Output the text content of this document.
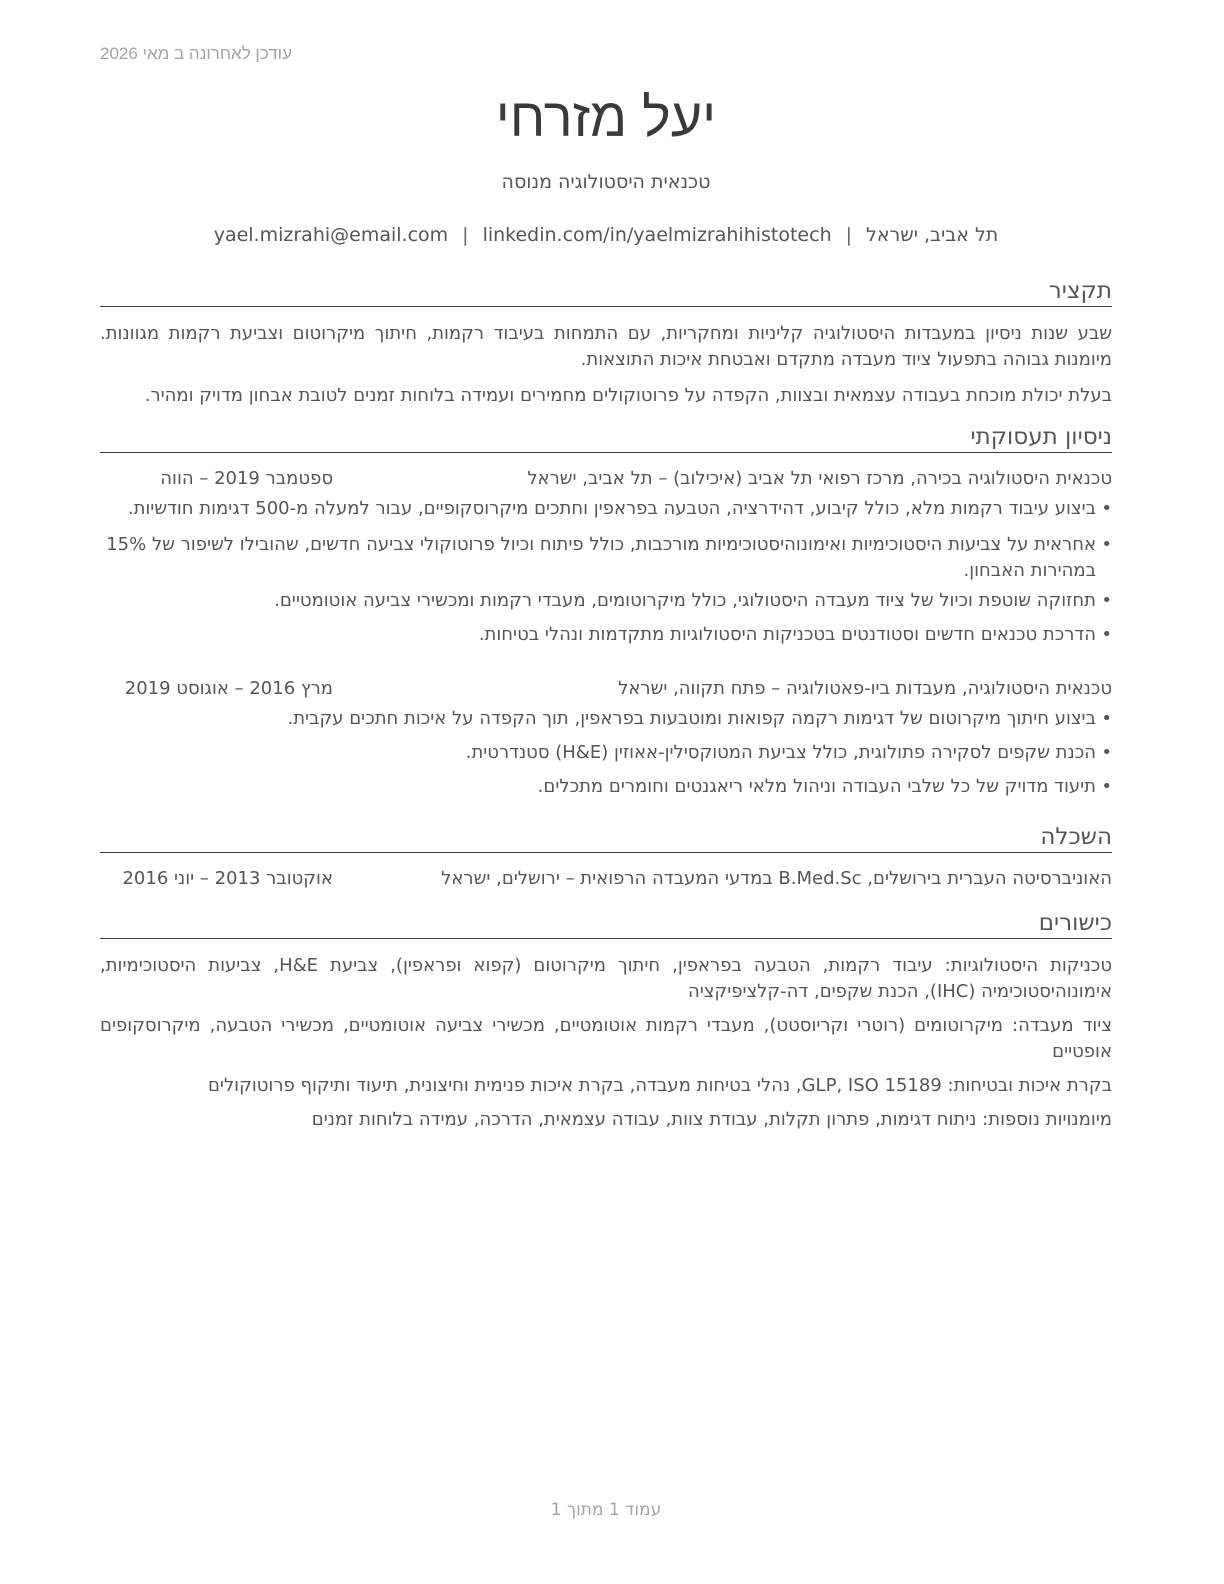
עודכן לאחרונה ב מאי 2026
יעל מזרחי
טכנאית היסטולוגיה מנוסה
תל אביב, ישראל|yael.mizrahi@email.com | linkedin.com/in/yaelmizrahihistotech
תקציר

שבע שנות ניסיון במעבדות היסטולוגיה קליניות ומחקריות, עם התמחות בעיבוד רקמות, חיתוך מיקרוטום וצביעת רקמות מגוונות. מיומנות גבוהה בתפעול ציוד מעבדה מתקדם ואבטחת איכות התוצאות.

בעלת יכולת מוכחת בעבודה עצמאית ובצוות, הקפדה על פרוטוקולים מחמירים ועמידה בלוחות זמנים לטובת אבחון מדויק ומהיר.

ניסיון תעסוקתי
טכנאית היסטולוגיה בכירה, מרכז רפואי תל אביב (איכילוב) – תל אביב, ישראל
ספטמבר 2019 – הווה
• ביצוע עיבוד רקמות מלא, כולל קיבוע, דהידרציה, הטבעה בפראפין וחתכים מיקרוסקופיים, עבור למעלה מ-500 דגימות חודשיות.
• אחראית על צביעות היסטוכימיות ואימונוהיסטוכימיות מורכבות, כולל פיתוח וכיול פרוטוקולי צביעה חדשים, שהובילו לשיפור של 15% במהירות האבחון.
• תחזוקה שוטפת וכיול של ציוד מעבדה היסטולוגי, כולל מיקרוטומים, מעבדי רקמות ומכשירי צביעה אוטומטיים.
• הדרכת טכנאים חדשים וסטודנטים בטכניקות היסטולוגיות מתקדמות ונהלי בטיחות.
טכנאית היסטולוגיה, מעבדות ביו-פאטולוגיה – פתח תקווה, ישראל
מרץ 2016 – אוגוסט 2019
• ביצוע חיתוך מיקרוטום של דגימות רקמה קפואות ומוטבעות בפראפין, תוך הקפדה על איכות חתכים עקבית.
• הכנת שקפים לסקירה פתולוגית, כולל צביעת המטוקסילין-אאוזין (H&E) סטנדרטית.
• תיעוד מדויק של כל שלבי העבודה וניהול מלאי ריאגנטים וחומרים מתכלים.
השכלה
האוניברסיטה העברית בירושלים, B.Med.Sc במדעי המעבדה הרפואית – ירושלים, ישראל
אוקטובר 2013 – יוני 2016
כישורים
טכניקות היסטולוגיות: עיבוד רקמות, הטבעה בפראפין, חיתוך מיקרוטום (קפוא ופראפין), צביעת H&E, צביעות היסטוכימיות, אימונוהיסטוכימיה (IHC), הכנת שקפים, דה-קלציפיקציה
ציוד מעבדה: מיקרוטומים (רוטרי וקריוסטט), מעבדי רקמות אוטומטיים, מכשירי צביעה אוטומטיים, מכשירי הטבעה, מיקרוסקופים אופטיים
בקרת איכות ובטיחות: GLP, ISO 15189, נהלי בטיחות מעבדה, בקרת איכות פנימית וחיצונית, תיעוד ותיקוף פרוטוקולים
מיומנויות נוספות: ניתוח דגימות, פתרון תקלות, עבודת צוות, עבודה עצמאית, הדרכה, עמידה בלוחות זמנים
עמוד 1 מתוך 1
